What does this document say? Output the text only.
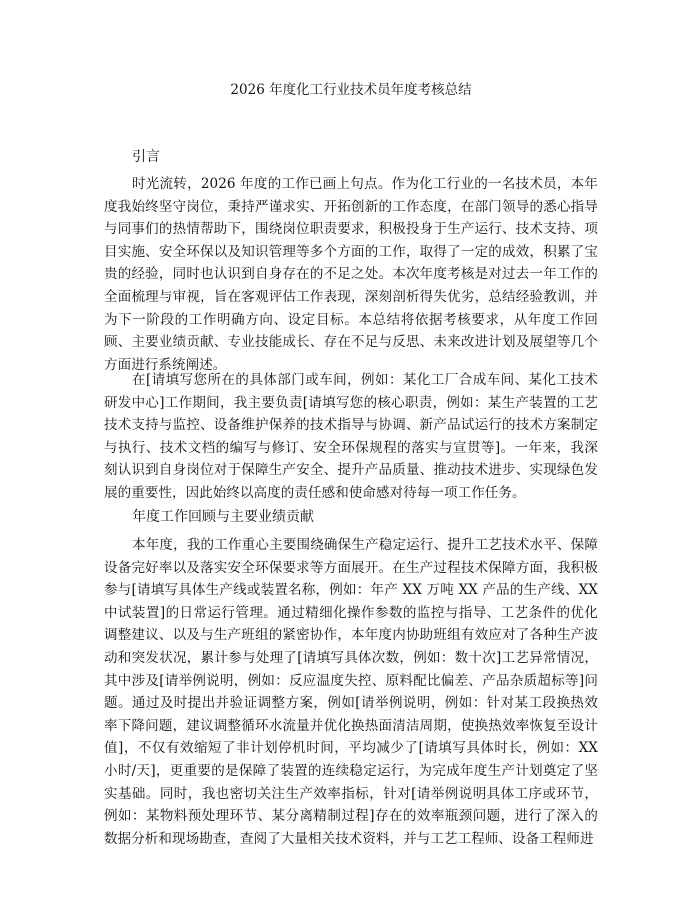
2026 年度化工行业技术员年度考核总结
引言

时光流转，2026 年度的工作已画上句点。作为化工行业的一名技术员，本年度我始终坚守岗位，秉持严谨求实、开拓创新的工作态度，在部门领导的悉心指导与同事们的热情帮助下，围绕岗位职责要求，积极投身于生产运行、技术支持、项目实施、安全环保以及知识管理等多个方面的工作，取得了一定的成效，积累了宝贵的经验，同时也认识到自身存在的不足之处。本次年度考核是对过去一年工作的全面梳理与审视，旨在客观评估工作表现，深刻剖析得失优劣，总结经验教训，并为下一阶段的工作明确方向、设定目标。本总结将依据考核要求，从年度工作回顾、主要业绩贡献、专业技能成长、存在不足与反思、未来改进计划及展望等几个方面进行系统阐述。

在[请填写您所在的具体部门或车间，例如：某化工厂合成车间、某化工技术研发中心]工作期间，我主要负责[请填写您的核心职责，例如：某生产装置的工艺技术支持与监控、设备维护保养的技术指导与协调、新产品试运行的技术方案制定与执行、技术文档的编写与修订、安全环保规程的落实与宣贯等]。一年来，我深刻认识到自身岗位对于保障生产安全、提升产品质量、推动技术进步、实现绿色发展的重要性，因此始终以高度的责任感和使命感对待每一项工作任务。

年度工作回顾与主要业绩贡献

本年度，我的工作重心主要围绕确保生产稳定运行、提升工艺技术水平、保障设备完好率以及落实安全环保要求等方面展开。在生产过程技术保障方面，我积极参与[请填写具体生产线或装置名称，例如：年产 XX 万吨 XX 产品的生产线、XX 中试装置]的日常运行管理。通过精细化操作参数的监控与指导、工艺条件的优化调整建议、以及与生产班组的紧密协作，本年度内协助班组有效应对了各种生产波动和突发状况，累计参与处理了[请填写具体次数，例如：数十次]工艺异常情况，其中涉及[请举例说明，例如：反应温度失控、原料配比偏差、产品杂质超标等]问题。通过及时提出并验证调整方案，例如[请举例说明，例如：针对某工段换热效率下降问题，建议调整循环水流量并优化换热面清洁周期，使换热效率恢复至设计值]，不仅有效缩短了非计划停机时间，平均减少了[请填写具体时长，例如：XX 小时/天]，更重要的是保障了装置的连续稳定运行，为完成年度生产计划奠定了坚实基础。同时，我也密切关注生产效率指标，针对[请举例说明具体工序或环节，例如：某物料预处理环节、某分离精制过程]存在的效率瓶颈问题，进行了深入的数据分析和现场勘查，查阅了大量相关技术资料，并与工艺工程师、设备工程师进
